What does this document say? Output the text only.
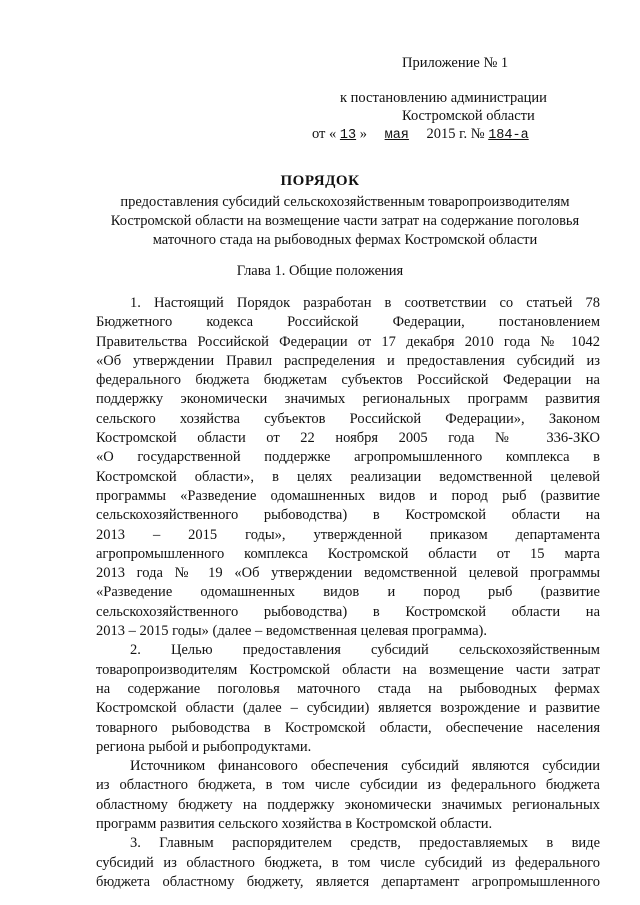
Приложение № 1
к постановлению администрации
Костромской области
от « 13 » мая 2015 г. № 184-а
ПОРЯДОК
предоставления субсидий сельскохозяйственным товаропроизводителям Костромской области на возмещение части затрат на содержание поголовья маточного стада на рыбоводных фермах Костромской области
Глава 1. Общие положения

1. Настоящий Порядок разработан в соответствии со статьей 78

Бюджетного кодекса Российской Федерации, постановлением

Правительства Российской Федерации от 17 декабря 2010 года № 1042

«Об утверждении Правил распределения и предоставления субсидий из

федерального бюджета бюджетам субъектов Российской Федерации на

поддержку экономически значимых региональных программ развития

сельского хозяйства субъектов Российской Федерации», Законом

Костромской области от 22 ноября 2005 года № 336-ЗКО

«О государственной поддержке агропромышленного комплекса в

Костромской области», в целях реализации ведомственной целевой

программы «Разведение одомашненных видов и пород рыб (развитие

сельскохозяйственного рыбоводства) в Костромской области на

2013 – 2015 годы», утвержденной приказом департамента

агропромышленного комплекса Костромской области от 15 марта

2013 года № 19 «Об утверждении ведомственной целевой программы

«Разведение одомашненных видов и пород рыб (развитие

сельскохозяйственного рыбоводства) в Костромской области на

2013 – 2015 годы» (далее – ведомственная целевая программа).

2. Целью предоставления субсидий сельскохозяйственным

товаропроизводителям Костромской области на возмещение части затрат

на содержание поголовья маточного стада на рыбоводных фермах

Костромской области (далее – субсидии) является возрождение и развитие

товарного рыбоводства в Костромской области, обеспечение населения

региона рыбой и рыбопродуктами.

Источником финансового обеспечения субсидий являются субсидии

из областного бюджета, в том числе субсидии из федерального бюджета

областному бюджету на поддержку экономически значимых региональных

программ развития сельского хозяйства в Костромской области.

3. Главным распорядителем средств, предоставляемых в виде

субсидий из областного бюджета, в том числе субсидий из федерального

бюджета областному бюджету, является департамент агропромышленного
